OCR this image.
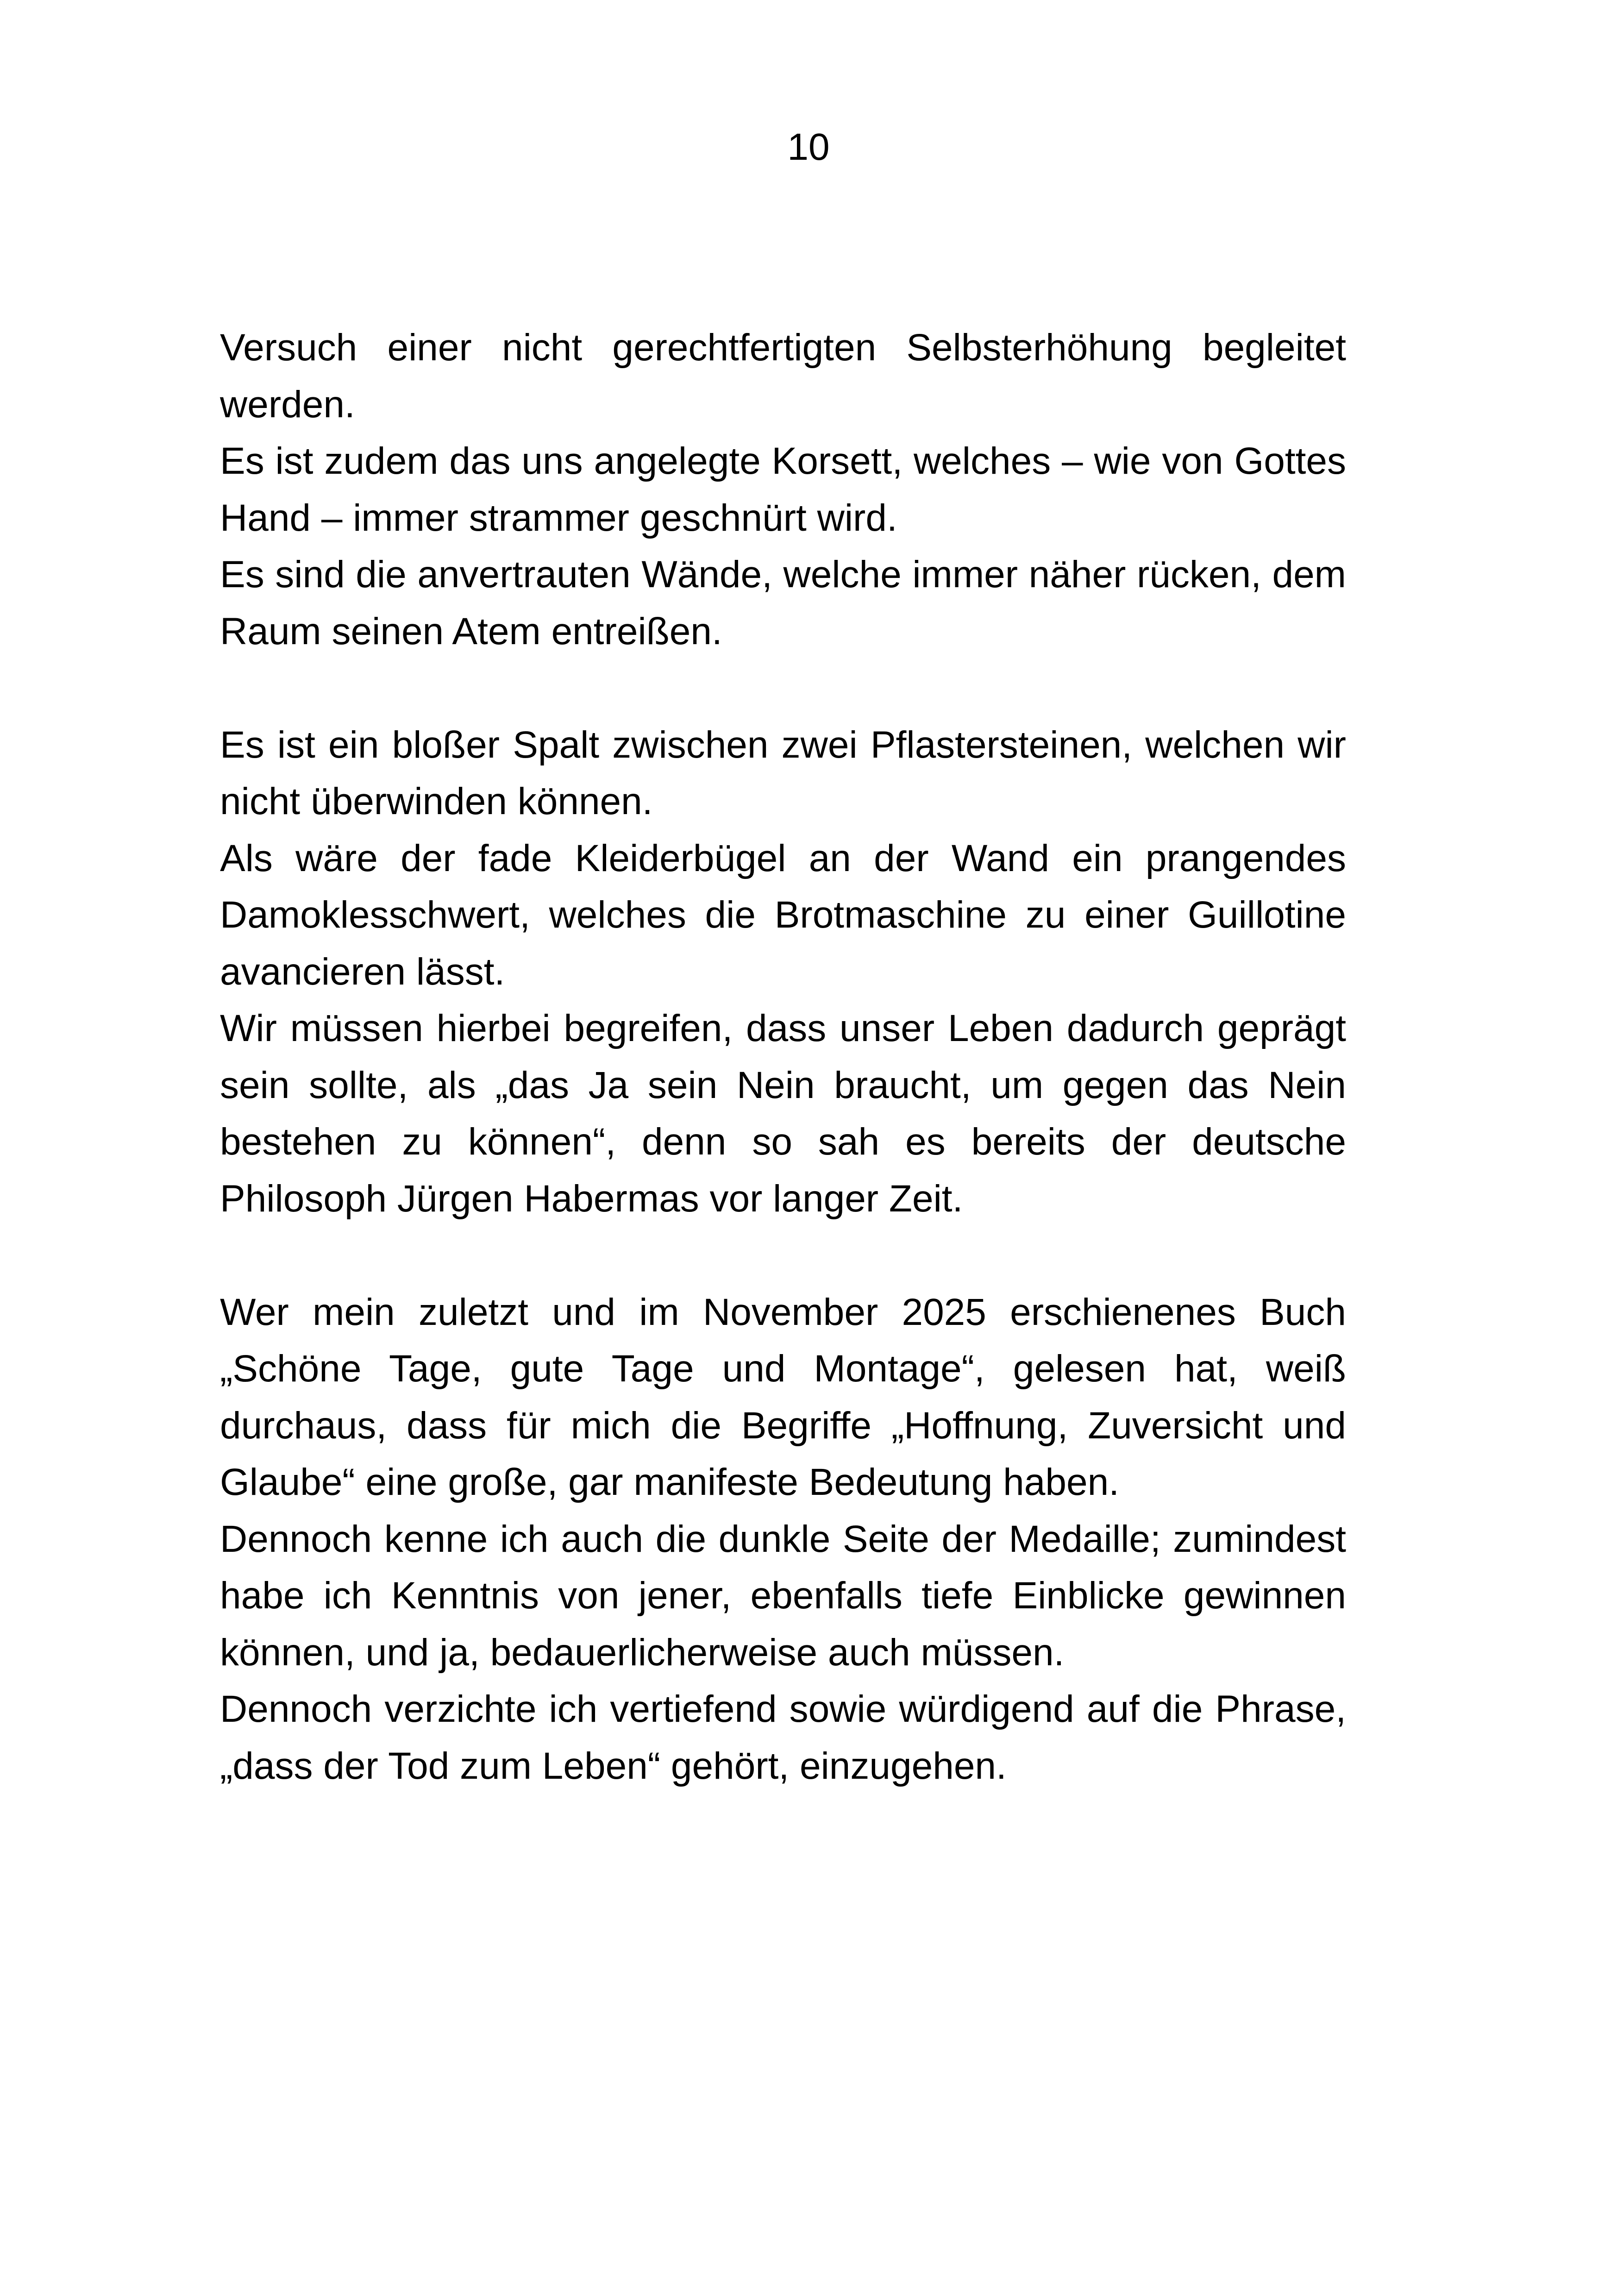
10

Versuch einer nicht gerechtfertigten Selbsterhöhung begleitet werden.

Es ist zudem das uns angelegte Korsett, welches – wie von Gottes Hand – immer strammer geschnürt wird.

Es sind die anvertrauten Wände, welche immer näher rücken, dem Raum seinen Atem entreißen.

Es ist ein bloßer Spalt zwischen zwei Pflastersteinen, welchen wir nicht überwinden können.

Als wäre der fade Kleiderbügel an der Wand ein prangendes Damoklesschwert, welches die Brotmaschine zu einer Guillotine avancieren lässt.

Wir müssen hierbei begreifen, dass unser Leben dadurch geprägt sein sollte, als „das Ja sein Nein braucht, um gegen das Nein bestehen zu können“, denn so sah es bereits der deutsche Philosoph Jürgen Habermas vor langer Zeit.

Wer mein zuletzt und im November 2025 erschienenes Buch „Schöne Tage, gute Tage und Montage“, gelesen hat, weiß durchaus, dass für mich die Begriffe „Hoffnung, Zuversicht und Glaube“ eine große, gar manifeste Bedeutung haben.

Dennoch kenne ich auch die dunkle Seite der Medaille; zumindest habe ich Kenntnis von jener, ebenfalls tiefe Einblicke gewinnen können, und ja, bedauerlicherweise auch müssen.

Dennoch verzichte ich vertiefend sowie würdigend auf die Phrase, „dass der Tod zum Leben“ gehört, einzugehen.
